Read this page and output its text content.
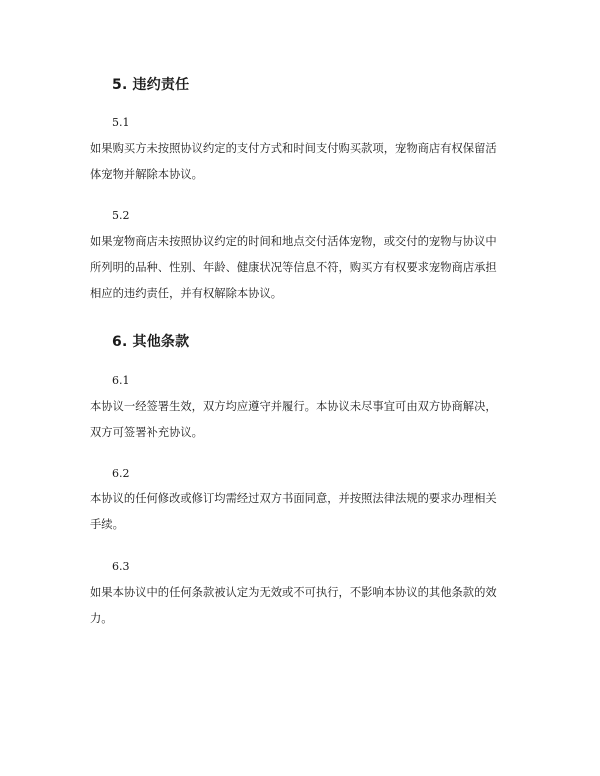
5. 违约责任
5.1
如果购买方未按照协议约定的支付方式和时间支付购买款项，宠物商店有权保留活
体宠物并解除本协议。
5.2
如果宠物商店未按照协议约定的时间和地点交付活体宠物，或交付的宠物与协议中
所列明的品种、性别、年龄、健康状况等信息不符，购买方有权要求宠物商店承担
相应的违约责任，并有权解除本协议。
6. 其他条款
6.1
本协议一经签署生效，双方均应遵守并履行。本协议未尽事宜可由双方协商解决，
双方可签署补充协议。
6.2
本协议的任何修改或修订均需经过双方书面同意，并按照法律法规的要求办理相关
手续。
6.3
如果本协议中的任何条款被认定为无效或不可执行，不影响本协议的其他条款的效
力。
